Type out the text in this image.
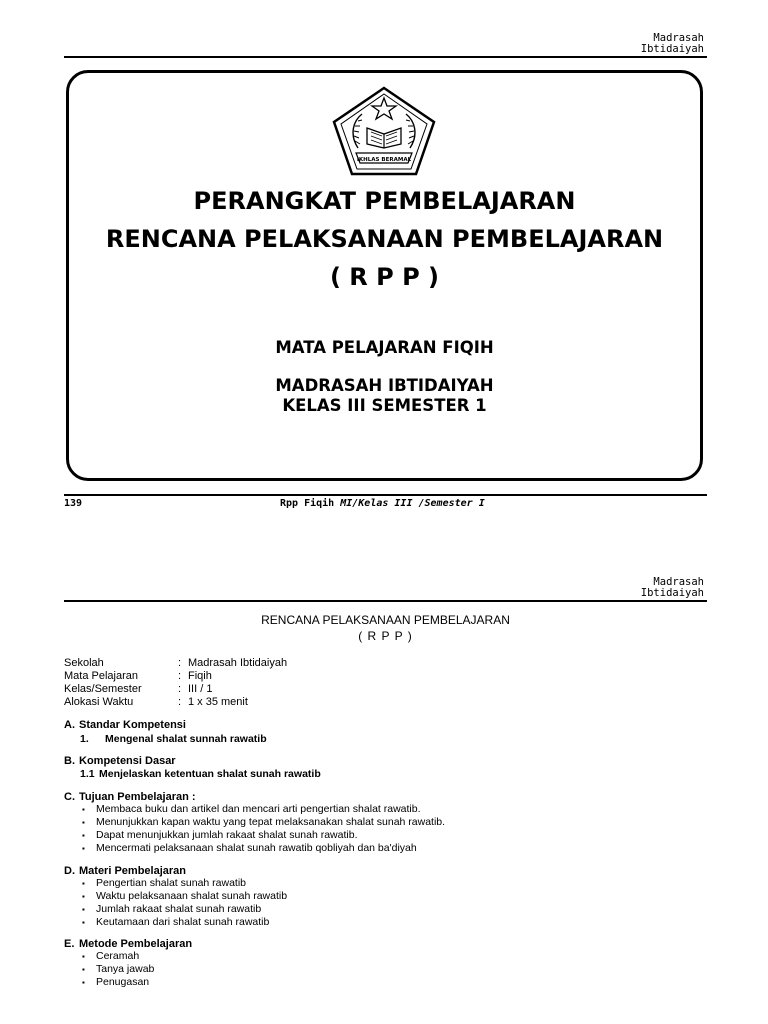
Madrasah
Ibtidaiyah
IKHLAS BERAMAL
PERANGKAT PEMBELAJARAN
RENCANA PELAKSANAAN PEMBELAJARAN
( R P P )
MATA PELAJARAN FIQIH
MADRASAH IBTIDAIYAH
KELAS III SEMESTER 1
139	Rpp Fiqih MI/Kelas III /Semester I
Madrasah
Ibtidaiyah
RENCANA PELAKSANAAN PEMBELAJARAN
( R P P )
Sekolah	: Madrasah Ibtidaiyah
Mata Pelajaran	: Fiqih
Kelas/Semester	: III / 1
Alokasi Waktu	: 1 x 35 menit
A. Standar Kompetensi
1. Mengenal shalat sunnah rawatib
B. Kompetensi Dasar
1.1 Menjelaskan ketentuan shalat sunah rawatib
C. Tujuan Pembelajaran :
▪ Membaca buku dan artikel dan mencari arti pengertian shalat rawatib.
▪ Menunjukkan kapan waktu yang tepat melaksanakan shalat sunah rawatib.
▪ Dapat menunjukkan jumlah rakaat shalat sunah rawatib.
▪ Mencermati pelaksanaan shalat sunah rawatib qobliyah dan ba'diyah
D. Materi Pembelajaran
▪ Pengertian shalat sunah rawatib
▪ Waktu pelaksanaan shalat sunah rawatib
▪ Jumlah rakaat shalat sunah rawatib
▪ Keutamaan dari shalat sunah rawatib
E. Metode Pembelajaran
▪ Ceramah
▪ Tanya jawab
▪ Penugasan
